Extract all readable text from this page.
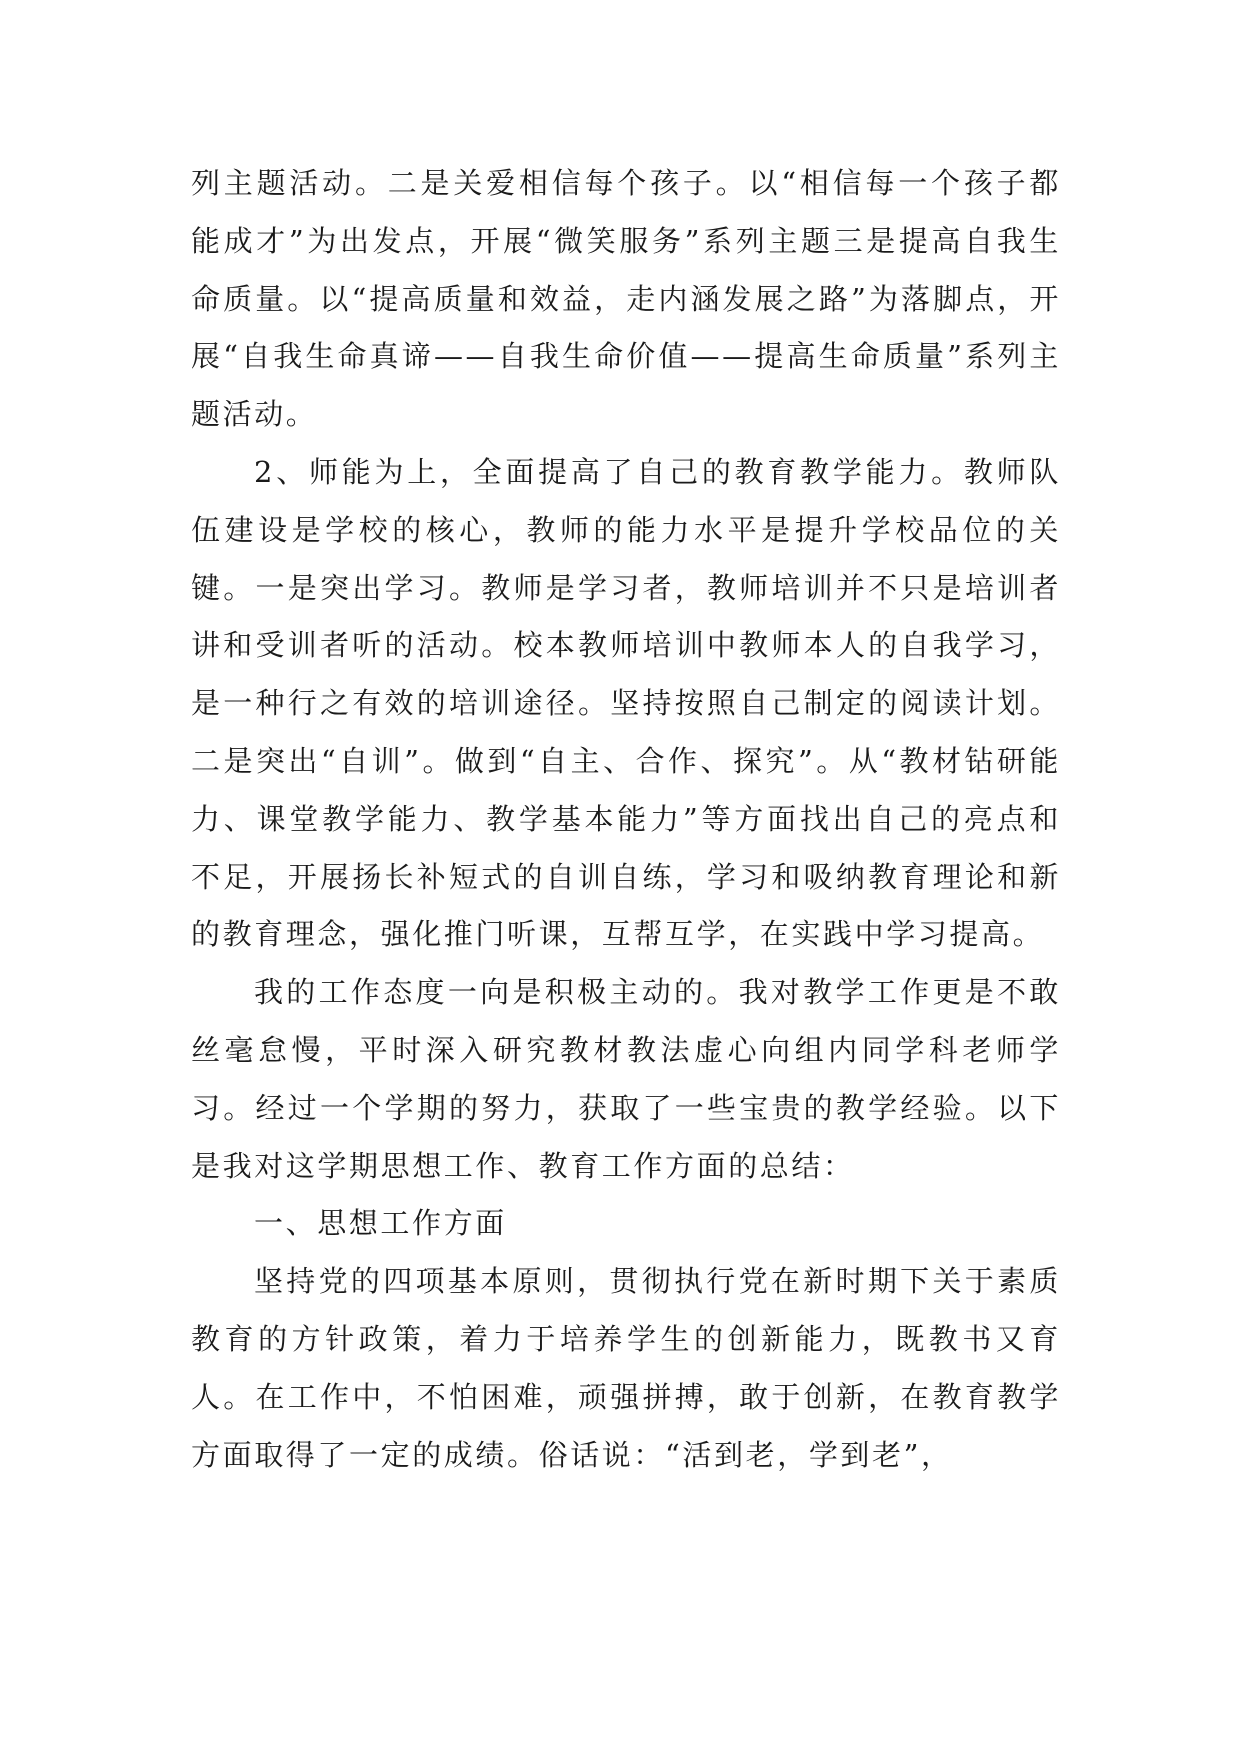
列主题活动。二是关爱相信每个孩子。以“相信每一个孩子都能成才”为出发点，开展“微笑服务”系列主题三是提高自我生命质量。以“提高质量和效益，走内涵发展之路”为落脚点，开展“自我生命真谛——自我生命价值——提高生命质量”系列主题活动。

2、师能为上，全面提高了自己的教育教学能力。教师队伍建设是学校的核心，教师的能力水平是提升学校品位的关键。一是突出学习。教师是学习者，教师培训并不只是培训者讲和受训者听的活动。校本教师培训中教师本人的自我学习，是一种行之有效的培训途径。坚持按照自己制定的阅读计划。二是突出“自训”。做到“自主、合作、探究”。从“教材钻研能力、课堂教学能力、教学基本能力”等方面找出自己的亮点和不足，开展扬长补短式的自训自练，学习和吸纳教育理论和新的教育理念，强化推门听课，互帮互学，在实践中学习提高。

我的工作态度一向是积极主动的。我对教学工作更是不敢丝毫怠慢，平时深入研究教材教法虚心向组内同学科老师学习。经过一个学期的努力，获取了一些宝贵的教学经验。以下是我对这学期思想工作、教育工作方面的总结：

一、思想工作方面

坚持党的四项基本原则，贯彻执行党在新时期下关于素质教育的方针政策，着力于培养学生的创新能力，既教书又育人。在工作中，不怕困难，顽强拼搏，敢于创新，在教育教学方面取得了一定的成绩。俗话说：“活到老，学到老”，
